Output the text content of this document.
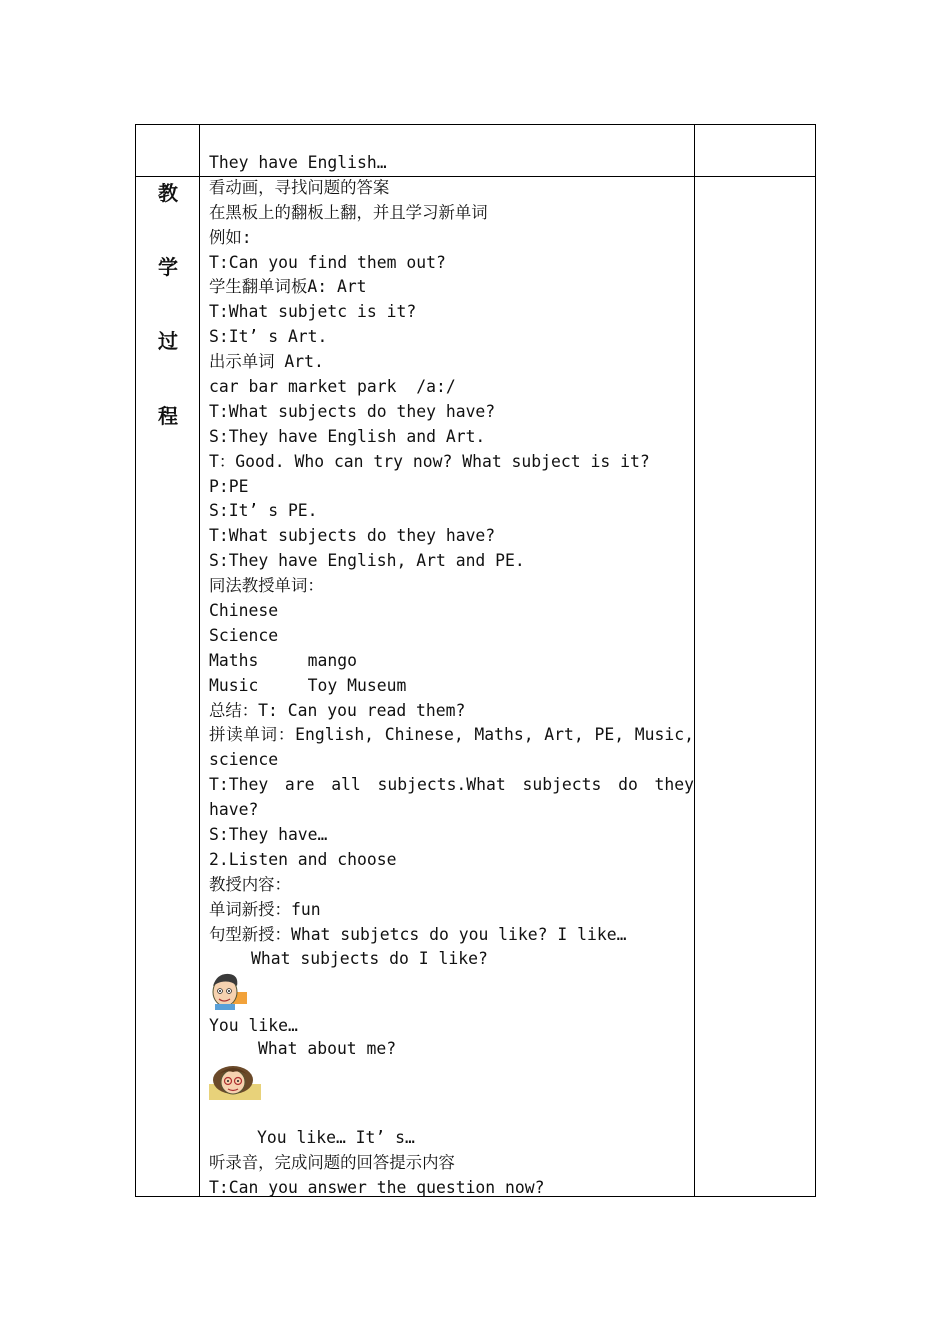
教
学
过
程
They have English…
看动画，寻找问题的答案
在黑板上的翻板上翻，并且学习新单词
例如:
T:Can you find them out?
学生翻单词板A: Art
T:What subjetc is it?
S:It’ s Art.
出示单词 Art.
car bar market park  /a:/
T:What subjects do they have?
S:They have English and Art.
T：Good. Who can try now? What subject is it?
P:PE
S:It’ s PE.
T:What subjects do they have?
S:They have English, Art and PE.
同法教授单词：
Chinese
Science
Maths     mango
Music     Toy Museum
总结：T: Can you read them?
拼读单词：English, Chinese, Maths, Art, PE, Music,
science
T:They are all subjects.What subjects do they
have?
S:They have…
2.Listen and choose
教授内容：
单词新授：fun
句型新授：What subjetcs do you like? I like…
What subjects do I like?
You like…
What about me?
You like… It’ s…
听录音，完成问题的回答提示内容
T:Can you answer the question now?
